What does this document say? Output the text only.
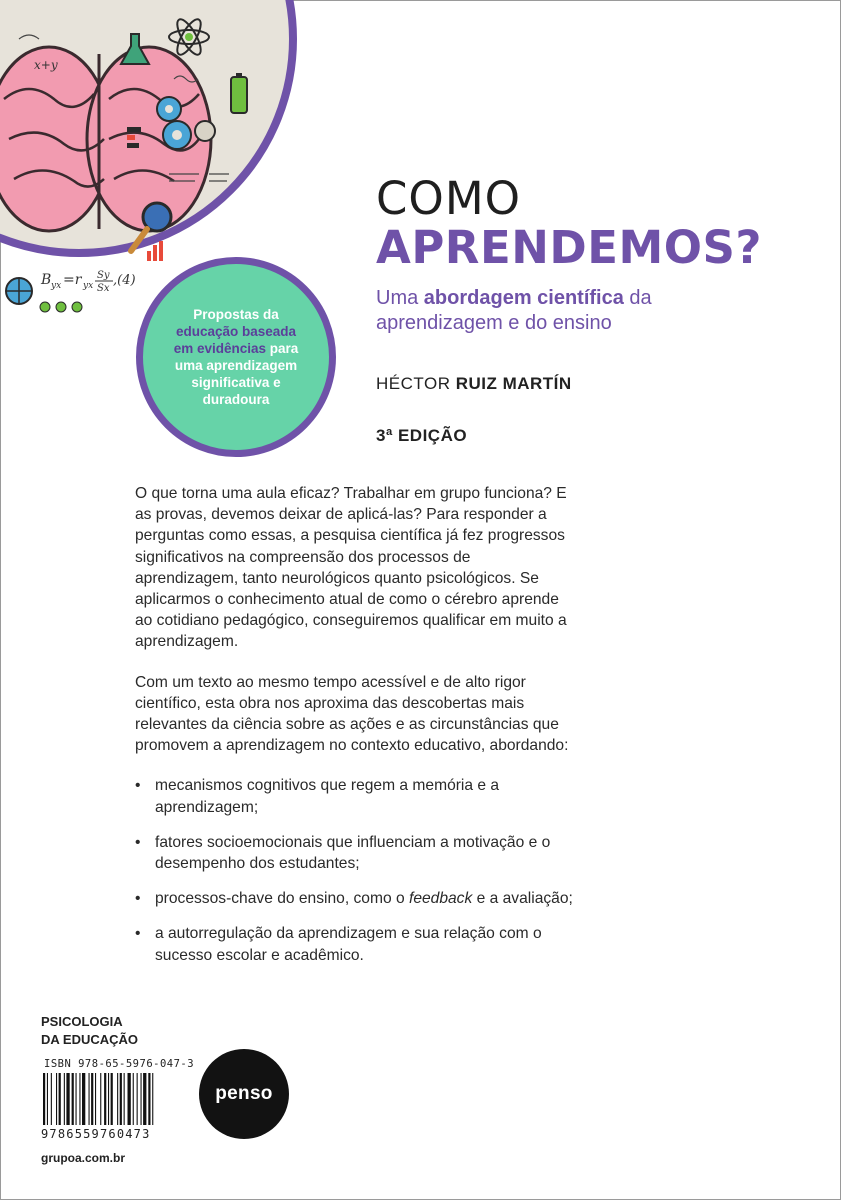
x+y
B yx =r yx
Sy
Sx
,(4)
Propostas da
educação baseada
em evidências para
uma aprendizagem
significativa e
duradoura
COMO
APRENDEMOS?
Uma abordagem científica da
aprendizagem e do ensino
HÉCTOR RUIZ MARTÍN
3ª EDIÇÃO

O que torna uma aula eficaz? Trabalhar em grupo funciona? E as provas, devemos deixar de aplicá-las? Para responder a perguntas como essas, a pesquisa científica já fez progressos significativos na compreensão dos processos de aprendizagem, tanto neurológicos quanto psicológicos. Se aplicarmos o conhecimento atual de como o cérebro aprende ao cotidiano pedagógico, conseguiremos qualificar em muito a aprendizagem.

Com um texto ao mesmo tempo acessível e de alto rigor científico, esta obra nos aproxima das descobertas mais relevantes da ciência sobre as ações e as circunstâncias que promovem a aprendizagem no contexto educativo, abordando:

• mecanismos cognitivos que regem a memória e a aprendizagem;
• fatores socioemocionais que influenciam a motivação e o desempenho dos estudantes;
• processos-chave do ensino, como o feedback e a avaliação;
• a autorregulação da aprendizagem e sua relação com o sucesso escolar e acadêmico.
PSICOLOGIA
DA EDUCAÇÃO
ISBN 978-65-5976-047-3
9786559760473
grupoa.com.br
penso
